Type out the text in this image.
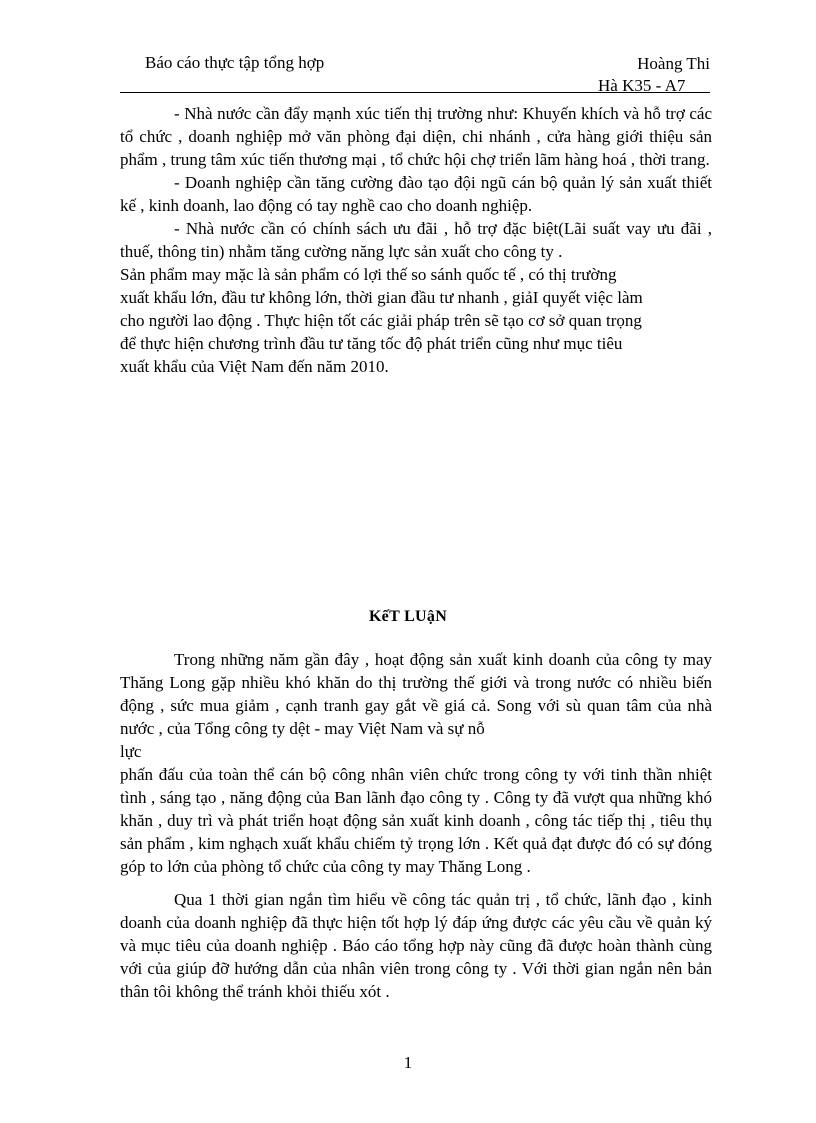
Báo cáo thực tập tổng hợp	Hoàng Thi
Hà K35 - A7

- Nhà nước cần đẩy mạnh xúc tiến thị trường như: Khuyến khích và hỗ trợ các tổ chức , doanh nghiệp mở văn phòng đại diện, chi nhánh , cửa hàng giới thiệu sản phẩm , trung tâm xúc tiến thương mại , tổ chức hội chợ triển lãm hàng hoá , thời trang.

- Doanh nghiệp cần tăng cường đào tạo đội ngũ cán bộ quản lý sản xuất thiết kế , kinh doanh, lao động có tay nghề cao cho doanh nghiệp.

- Nhà nước cần có chính sách ưu đãi , hỗ trợ đặc biệt(Lãi suất vay ưu đãi , thuế, thông tin) nhằm tăng cường năng lực sản xuất cho công ty .

Sản phẩm may mặc là sản phẩm có lợi thế so sánh quốc tế , có thị trường
xuất khẩu lớn, đầu tư không lớn, thời gian đầu tư nhanh , giảI quyết việc làm
cho người lao động . Thực hiện tốt các giải pháp trên sẽ tạo cơ sở quan trọng
để thực hiện chương trình đầu tư tăng tốc độ phát triển cũng như mục tiêu
xuất khẩu của Việt Nam đến năm 2010.

KếT LUậN

Trong những năm gần đây , hoạt động sản xuất kinh doanh của công ty may Thăng Long gặp nhiều khó khăn do thị trường thế giới và trong nước có nhiều biến động , sức mua giảm , cạnh tranh gay gắt về giá cả. Song với sù quan tâm của nhà nước , của Tổng công ty dệt - may Việt Nam và sự nỗ

lực

phấn đấu của toàn thể cán bộ công nhân viên chức trong công ty với tinh thần nhiệt tình , sáng tạo , năng động của Ban lãnh đạo công ty . Công ty đã vượt qua những khó khăn , duy trì và phát triển hoạt động sản xuất kinh doanh , công tác tiếp thị , tiêu thụ sản phẩm , kim nghạch xuất khẩu chiếm tỷ trọng lớn . Kết quả đạt được đó có sự đóng góp to lớn của phòng tổ chức của công ty may Thăng Long .

Qua 1 thời gian ngắn tìm hiểu về công tác quản trị , tổ chức, lãnh đạo , kinh doanh của doanh nghiệp đã thực hiện tốt hợp lý đáp ứng được các yêu cầu về quản ký và mục tiêu của doanh nghiệp . Báo cáo tổng hợp này cũng đã được hoàn thành cùng với của giúp đỡ hướng dẫn của nhân viên trong công ty . Với thời gian ngắn nên bản thân tôi không thể tránh khỏi thiếu xót .

1
